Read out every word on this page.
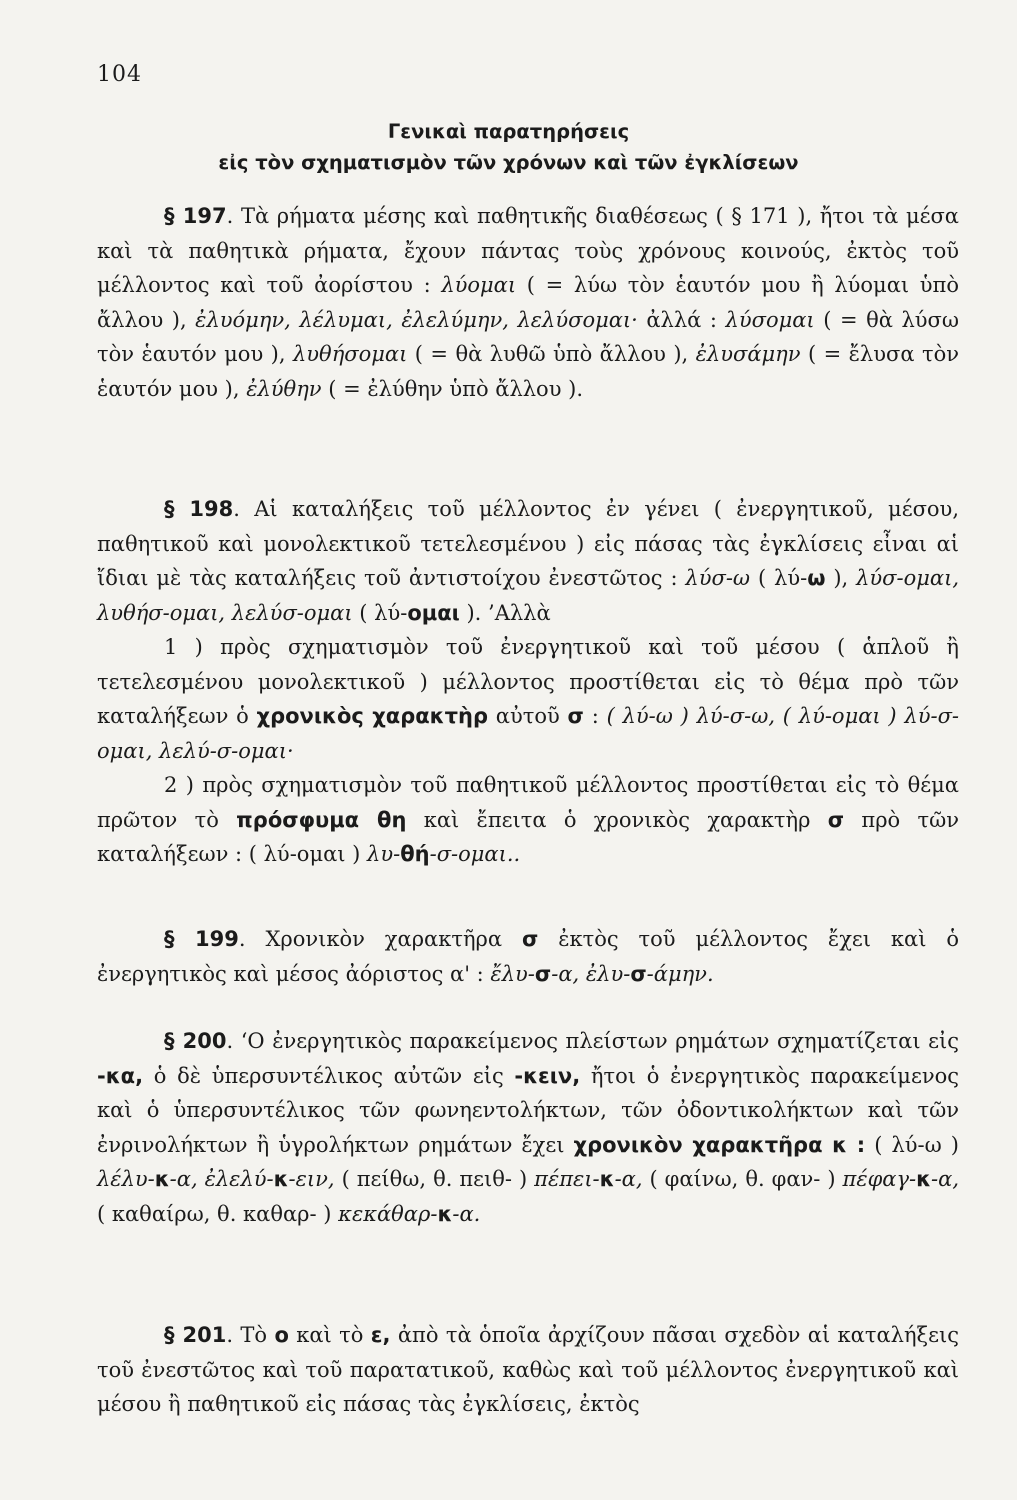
104
Γενικαὶ παρατηρήσεις
εἰς τὸν σχηματισμὸν τῶν χρόνων καὶ τῶν ἐγκλίσεων

§ 197. Τὰ ρήματα μέσης καὶ παθητικῆς διαθέσεως ( § 171 ), ἤτοι τὰ μέσα καὶ τὰ παθητικὰ ρήματα, ἔχουν πάντας τοὺς χρόνους κοινούς, ἐκτὸς τοῦ μέλλοντος καὶ τοῦ ἀορίστου : λύομαι ( = λύω τὸν ἑαυτόν μου ἢ λύομαι ὑπὸ ἄλλου ), ἐλυόμην, λέλυμαι, ἐλελύμην, λελύσομαι· ἀλλά : λύσομαι ( = θὰ λύσω τὸν ἑαυτόν μου ), λυθήσομαι ( = θὰ λυθῶ ὑπὸ ἄλλου ), ἐλυσάμην ( = ἔλυσα τὸν ἑαυτόν μου ), ἐλύθην ( = ἐλύθην ὑπὸ ἄλλου ).

§ 198. Αἱ καταλήξεις τοῦ μέλλοντος ἐν γένει ( ἐνεργητικοῦ, μέσου, παθητικοῦ καὶ μονολεκτικοῦ τετελεσμένου ) εἰς πάσας τὰς ἐγκλίσεις εἶναι αἱ ἴδιαι μὲ τὰς καταλήξεις τοῦ ἀντιστοίχου ἐνεστῶτος : λύσ-ω ( λύ-ω ), λύσ-ομαι, λυθήσ-ομαι, λελύσ-ομαι ( λύ-ομαι ). ’Αλλὰ

1 ) πρὸς σχηματισμὸν τοῦ ἐνεργητικοῦ καὶ τοῦ μέσου ( ἁπλοῦ ἢ τετελεσμένου μονολεκτικοῦ ) μέλλοντος προστίθεται εἰς τὸ θέμα πρὸ τῶν καταλήξεων ὁ χρονικὸς χαρακτὴρ αὐτοῦ σ : ( λύ-ω ) λύ-σ-ω, ( λύ-ομαι ) λύ-σ-ομαι, λελύ-σ-ομαι·

2 ) πρὸς σχηματισμὸν τοῦ παθητικοῦ μέλλοντος προστίθεται εἰς τὸ θέμα πρῶτον τὸ πρόσφυμα θη καὶ ἔπειτα ὁ χρονικὸς χαρακτὴρ σ πρὸ τῶν καταλήξεων : ( λύ-ομαι ) λυ-θή-σ-ομαι..

§ 199. Χρονικὸν χαρακτῆρα σ ἐκτὸς τοῦ μέλλοντος ἔχει καὶ ὁ ἐνεργητικὸς καὶ μέσος ἀόριστος α' : ἔλυ-σ-α, ἐλυ-σ-άμην.

§ 200. ‘Ο ἐνεργητικὸς παρακείμενος πλείστων ρημάτων σχηματίζεται εἰς -κα, ὁ δὲ ὑπερσυντέλικος αὐτῶν εἰς -κειν, ἤτοι ὁ ἐνεργητικὸς παρακείμενος καὶ ὁ ὑπερσυντέλικος τῶν φωνηεντολήκτων, τῶν ὀδοντικολήκτων καὶ τῶν ἐνρινολήκτων ἢ ὑγρολήκτων ρημάτων ἔχει χρονικὸν χαρακτῆρα κ : ( λύ-ω ) λέλυ-κ-α, ἐλελύ-κ-ειν, ( πείθω, θ. πειθ- ) πέπει-κ-α, ( φαίνω, θ. φαν- ) πέφαγ-κ-α, ( καθαίρω, θ. καθαρ- ) κεκάθαρ-κ-α.

§ 201. Τὸ ο καὶ τὸ ε, ἀπὸ τὰ ὁποῖα ἀρχίζουν πᾶσαι σχεδὸν αἱ καταλήξεις τοῦ ἐνεστῶτος καὶ τοῦ παρατατικοῦ, καθὼς καὶ τοῦ μέλλοντος ἐνεργητικοῦ καὶ μέσου ἢ παθητικοῦ εἰς πάσας τὰς ἐγκλίσεις, ἐκτὸς
